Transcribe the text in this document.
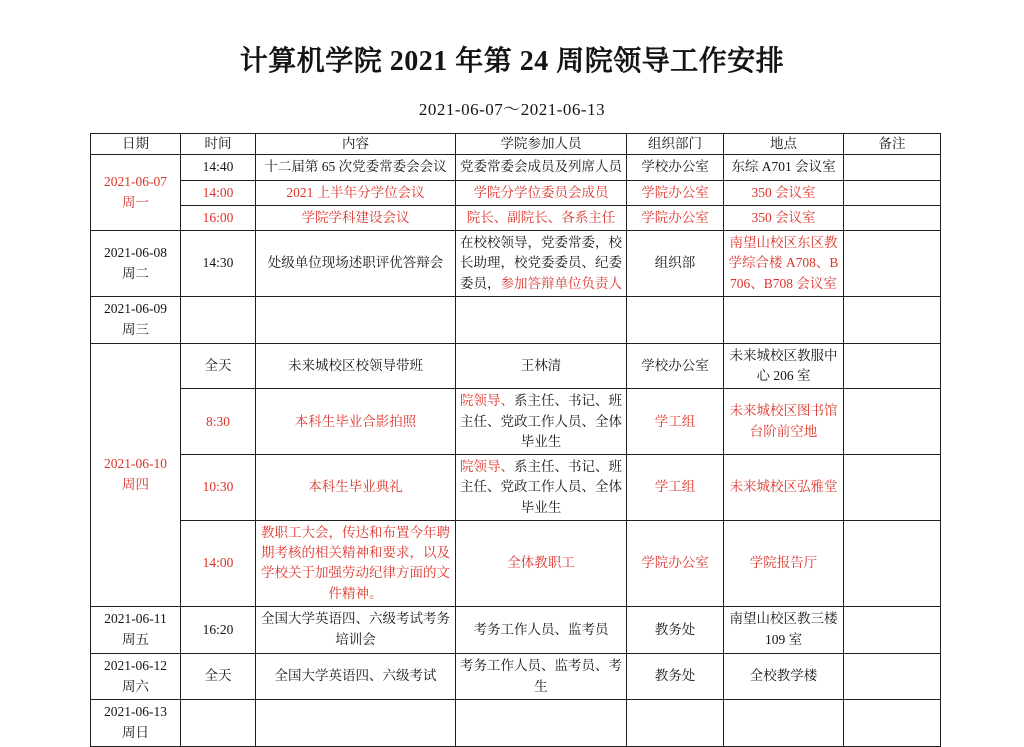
计算机学院 2021 年第 24 周院领导工作安排
2021-06-07～2021-06-13
日期	时间	内容	学院参加人员	组织部门	地点	备注

2021-06-07
周一	14:40	十二届第 65 次党委常委会会议	党委常委会成员及列席人员	学校办公室	东综 A701 会议室	
	14:00	2021 上半年分学位会议	学院分学位委员会成员	学院办公室	350 会议室	
	16:00	学院学科建设会议	院长、副院长、各系主任	学院办公室	350 会议室	

2021-06-08
周二	14:30	处级单位现场述职评优答辩会	在校校领导，党委常委，校长助理，校党委委员、纪委委员，参加答辩单位负责人	组织部	南望山校区东区教学综合楼 A708、B706、B708 会议室	

2021-06-09
周三						

2021-06-10
周四	全天	未来城校区校领导带班	王林清	学校办公室	未来城校区教服中心 206 室	
	8:30	本科生毕业合影拍照	院领导、系主任、书记、班主任、党政工作人员、全体毕业生	学工组	未来城校区图书馆台阶前空地	
	10:30	本科生毕业典礼	院领导、系主任、书记、班主任、党政工作人员、全体毕业生	学工组	未来城校区弘雅堂	
	14:00	教职工大会，传达和布置今年聘期考核的相关精神和要求，以及学校关于加强劳动纪律方面的文件精神。	全体教职工	学院办公室	学院报告厅	

2021-06-11
周五	16:20	全国大学英语四、六级考试考务培训会	考务工作人员、监考员	教务处	南望山校区教三楼 109 室	

2021-06-12
周六	全天	全国大学英语四、六级考试	考务工作人员、监考员、考生	教务处	全校教学楼	

2021-06-13
周日						
